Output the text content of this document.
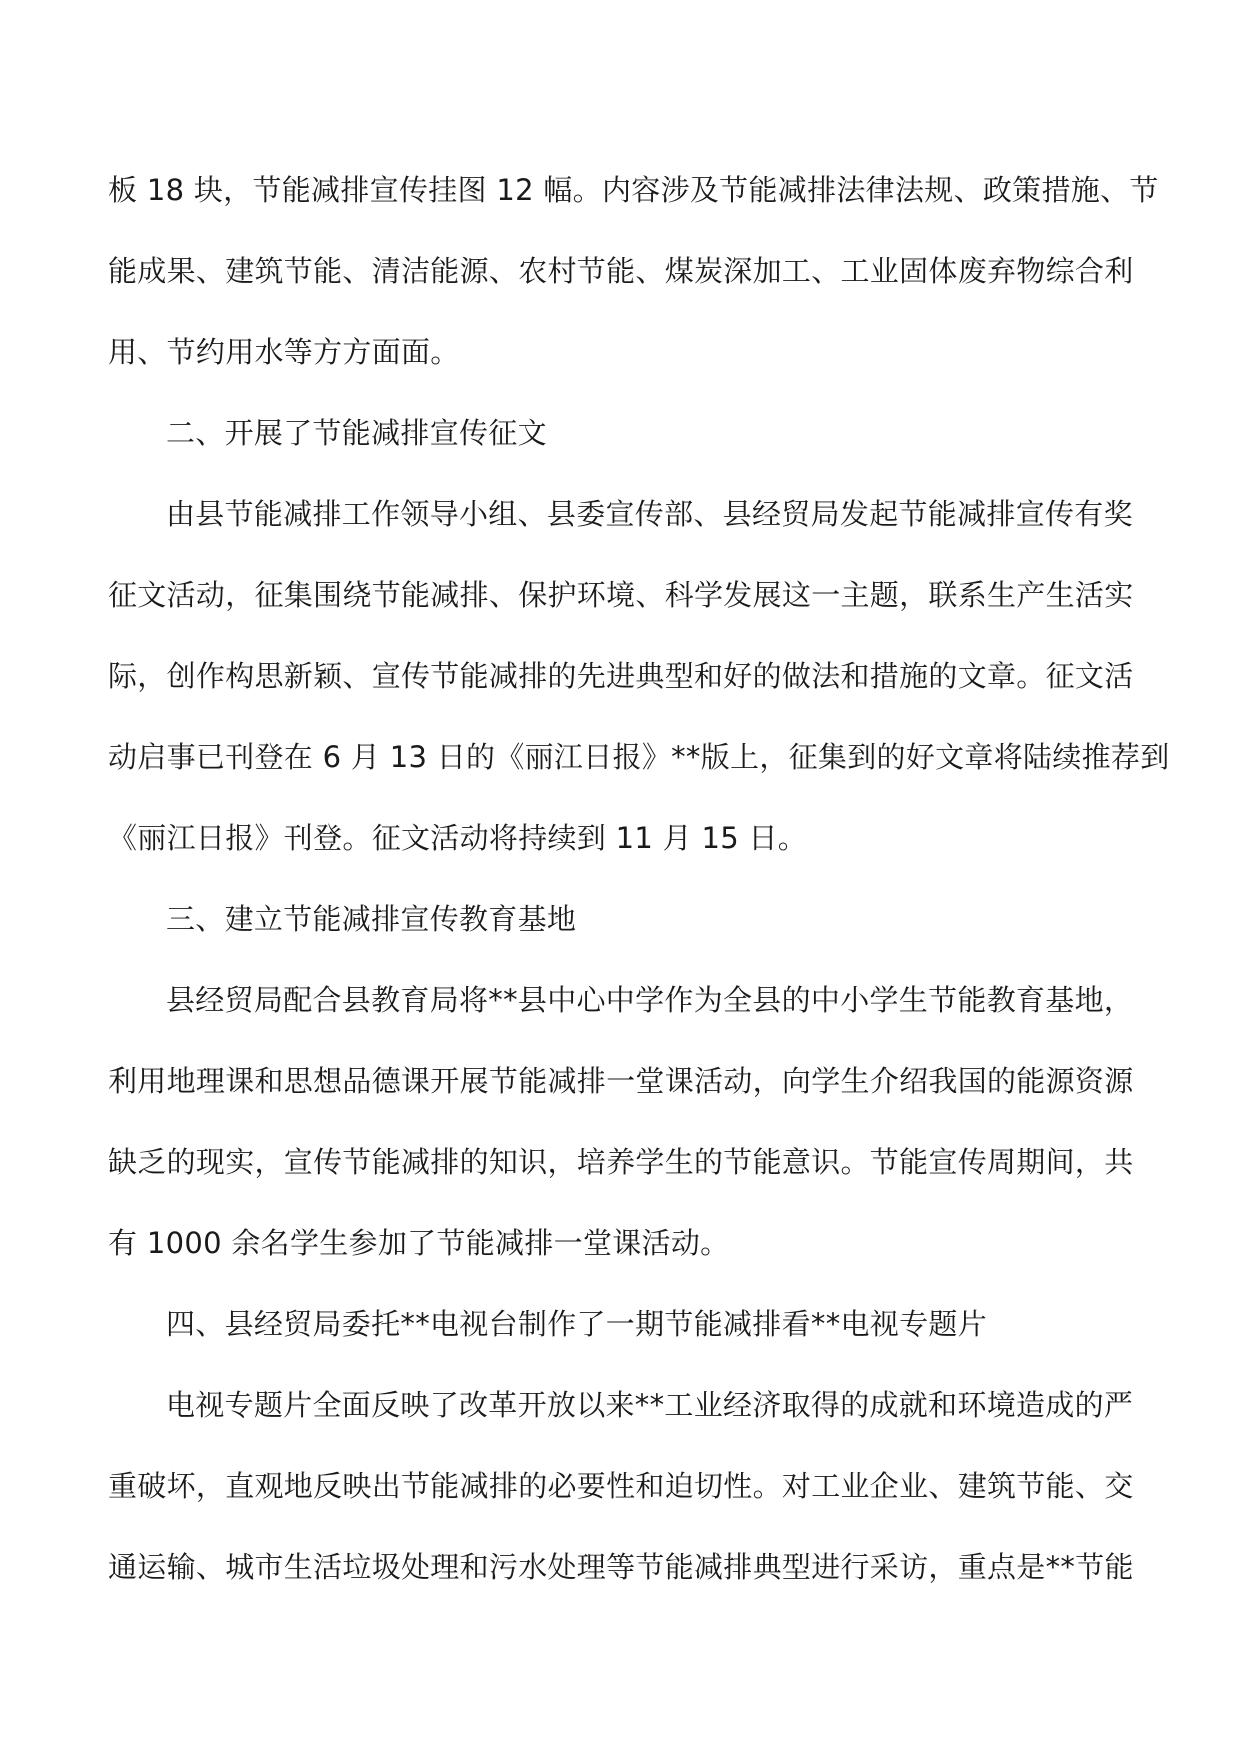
板 18 块，节能减排宣传挂图 12 幅。内容涉及节能减排法律法规、政策措施、节
能成果、建筑节能、清洁能源、农村节能、煤炭深加工、工业固体废弃物综合利
用、节约用水等方方面面。
二、开展了节能减排宣传征文
由县节能减排工作领导小组、县委宣传部、县经贸局发起节能减排宣传有奖
征文活动，征集围绕节能减排、保护环境、科学发展这一主题，联系生产生活实
际，创作构思新颖、宣传节能减排的先进典型和好的做法和措施的文章。征文活
动启事已刊登在 6 月 13 日的《丽江日报》**版上，征集到的好文章将陆续推荐到
《丽江日报》刊登。征文活动将持续到 11 月 15 日。
三、建立节能减排宣传教育基地
县经贸局配合县教育局将**县中心中学作为全县的中小学生节能教育基地，
利用地理课和思想品德课开展节能减排一堂课活动，向学生介绍我国的能源资源
缺乏的现实，宣传节能减排的知识，培养学生的节能意识。节能宣传周期间，共
有 1000 余名学生参加了节能减排一堂课活动。
四、县经贸局委托**电视台制作了一期节能减排看**电视专题片
电视专题片全面反映了改革开放以来**工业经济取得的成就和环境造成的严
重破坏，直观地反映出节能减排的必要性和迫切性。对工业企业、建筑节能、交
通运输、城市生活垃圾处理和污水处理等节能减排典型进行采访，重点是**节能
